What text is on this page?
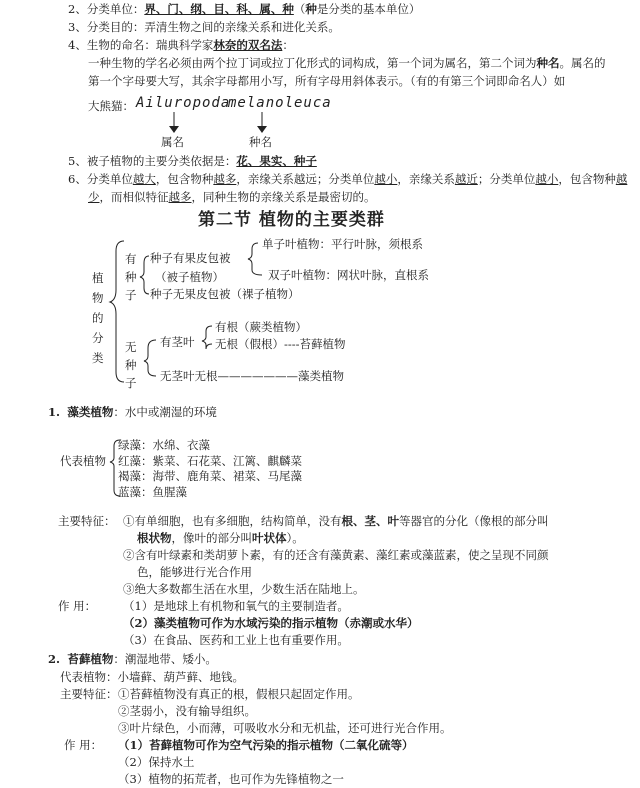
2、分类单位：界、门、纲、目、科、属、种（种是分类的基本单位）
3、分类目的：弄清生物之间的亲缘关系和进化关系。
4、生物的命名：瑞典科学家林奈的双名法：
一种生物的学名必须由两个拉丁词或拉丁化形式的词构成，第一个词为属名，第二个词为种名。属名的
第一个字母要大写，其余字母都用小写，所有字母用斜体表示。（有的有第三个词即命名人）如
大熊猫： Ailuropoda
melanoleuca
属名	种名
5、被子植物的主要分类依据是：花、果实、种子
6、分类单位越大，包含物种越多，亲缘关系越远；分类单位越小，亲缘关系越近；分类单位越小，包含物种越
少，而相似特征越多，同种生物的亲缘关系是最密切的。
第二节 植物的主要类群
植
物
的
分
类
有
种
子
无
种
子
种子有果皮包被
（被子植物）
种子无果皮包被（裸子植物）
单子叶植物：平行叶脉，须根系
双子叶植物：网状叶脉，直根系
有茎叶
有根（蕨类植物）
无根（假根）----苔藓植物
无茎叶无根———————藻类植物
1. 藻类植物：水中或潮湿的环境
代表植物
绿藻：水绵、衣藻
红藻：紫菜、石花菜、江篱、麒麟菜
褐藻：海带、鹿角菜、裙菜、马尾藻
蓝藻：鱼腥藻
主要特征： ①有单细胞，也有多细胞，结构简单，没有根、茎、叶等器官的分化（像根的部分叫
根状物，像叶的部分叫叶状体）。
②含有叶绿素和类胡萝卜素，有的还含有藻黄素、藻红素或藻蓝素，使之呈现不同颜
色，能够进行光合作用
③绝大多数都生活在水里，少数生活在陆地上。
作 用： （1）是地球上有机物和氧气的主要制造者。
（2）藻类植物可作为水域污染的指示植物（赤潮或水华）
（3）在食品、医药和工业上也有重要作用。
2. 苔藓植物：潮湿地带、矮小。
代表植物：小墙藓、葫芦藓、地钱。
主要特征： ①苔藓植物没有真正的根，假根只起固定作用。
②茎弱小，没有输导组织。
③叶片绿色，小而薄，可吸收水分和无机盐，还可进行光合作用。
作 用： （1）苔藓植物可作为空气污染的指示植物（二氧化硫等）
（2）保持水土
（3）植物的拓荒者，也可作为先锋植物之一
